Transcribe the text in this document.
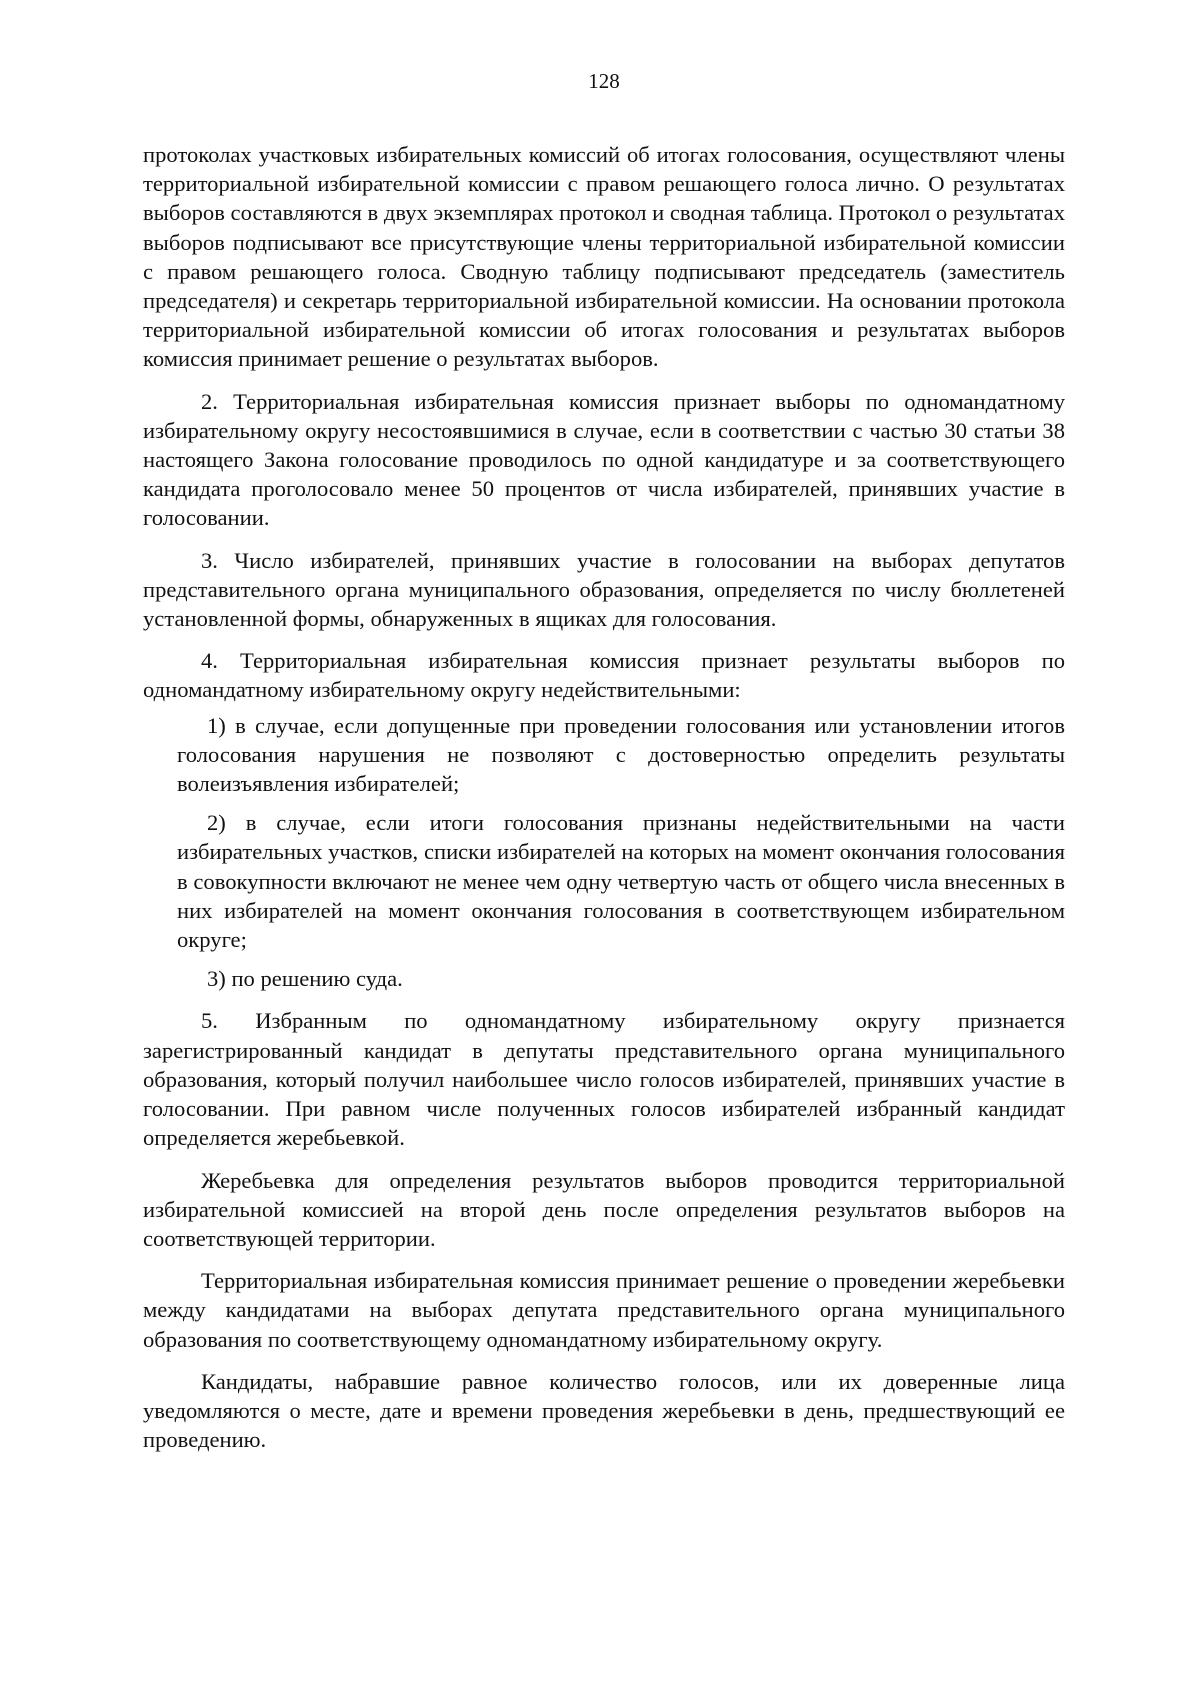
128

протоколах участковых избирательных комиссий об итогах голосования, осуществляют члены территориальной избирательной комиссии с правом решающего голоса лично. О результатах выборов составляются в двух экземплярах протокол и сводная таблица. Протокол о результатах выборов подписывают все присутствующие члены территориальной избирательной комиссии с правом решающего голоса. Сводную таблицу подписывают председатель (заместитель председателя) и секретарь территориальной избирательной комиссии. На основании протокола территориальной избирательной комиссии об итогах голосования и результатах выборов комиссия принимает решение о результатах выборов.

2. Территориальная избирательная комиссия признает выборы по одномандатному избирательному округу несостоявшимися в случае, если в соответствии с частью 30 статьи 38 настоящего Закона голосование проводилось по одной кандидатуре и за соответствующего кандидата проголосовало менее 50 процентов от числа избирателей, принявших участие в голосовании.

3. Число избирателей, принявших участие в голосовании на выборах депутатов представительного органа муниципального образования, определяется по числу бюллетеней установленной формы, обнаруженных в ящиках для голосования.

4. Территориальная избирательная комиссия признает результаты выборов по одномандатному избирательному округу недействительными:

1) в случае, если допущенные при проведении голосования или установлении итогов голосования нарушения не позволяют с достоверностью определить результаты волеизъявления избирателей;

2) в случае, если итоги голосования признаны недействительными на части избирательных участков, списки избирателей на которых на момент окончания голосования в совокупности включают не менее чем одну четвертую часть от общего числа внесенных в них избирателей на момент окончания голосования в соответствующем избирательном округе;

3) по решению суда.

5. Избранным по одномандатному избирательному округу признается зарегистрированный кандидат в депутаты представительного органа муниципального образования, который получил наибольшее число голосов избирателей, принявших участие в голосовании. При равном числе полученных голосов избирателей избранный кандидат определяется жеребьевкой.

Жеребьевка для определения результатов выборов проводится территориальной избирательной комиссией на второй день после определения результатов выборов на соответствующей территории.

Территориальная избирательная комиссия принимает решение о проведении жеребьевки между кандидатами на выборах депутата представительного органа муниципального образования по соответствующему одномандатному избирательному округу.

Кандидаты, набравшие равное количество голосов, или их доверенные лица уведомляются о месте, дате и времени проведения жеребьевки в день, предшествующий ее проведению.
